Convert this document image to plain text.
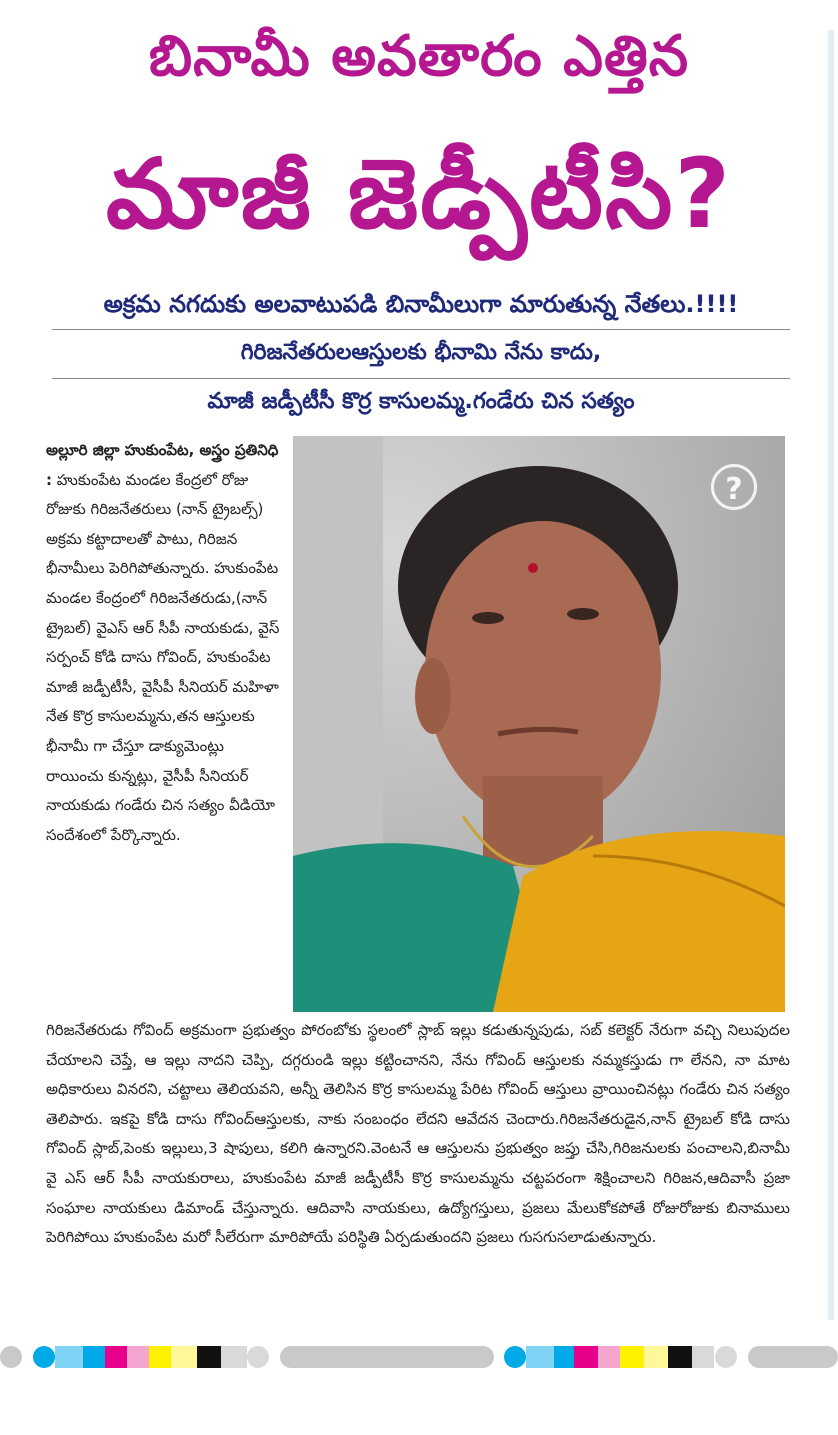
బినామీ అవతారం ఎత్తిన
మాజీ జెడ్పీటీసి?
అక్రమ నగదుకు అలవాటుపడి బినామీలుగా మారుతున్న నేతలు.!!!!
గిరిజనేతరులఆస్తులకు భీనామి నేను కాదు,
మాజీ జడ్పీటీసీ కొర్ర కాసులమ్మ.గండేరు చిన సత్యం
అల్లూరి జిల్లా హుకుంపేట, అస్త్రం ప్రతినిధి : హుకుంపేట మండల కేంద్రలో రోజు రోజుకు గిరిజనేతరులు (నాన్ ట్రైబల్స్) అక్రమ కట్టాదాలతో పాటు, గిరిజన భీనామీలు పెరిగిపోతున్నారు. హుకుంపేట మండల కేంద్రంలో గిరిజనేతరుడు,(నాన్ ట్రైబల్) వైఎస్ ఆర్ సీపీ నాయకుడు, వైస్ సర్పంచ్ కోడి దాసు గోవింద్, హుకుంపేట మాజీ జడ్పీటీసీ, వైసీపీ సీనియర్ మహిళా నేత కొర్ర కాసులమ్మను,తన ఆస్తులకు భీనామీ గా చేస్తూ డాక్యుమెంట్లు రాయించు కున్నట్లు, వైసీపీ సీనియర్ నాయకుడు గండేరు చిన సత్యం వీడియో సందేశంలో పేర్కొన్నారు.
?
గిరిజనేతరుడు గోవింద్ అక్రమంగా ప్రభుత్వం పోరంబోకు స్థలంలో స్లాబ్ ఇల్లు కడుతున్నపుడు, సబ్ కలెక్టర్ నేరుగా వచ్చి నిలుపుదల చేయాలని చెప్తే, ఆ ఇల్లు నాదని చెప్పి, దగ్గరుండి ఇల్లు కట్టించానని, నేను గోవింద్ ఆస్తులకు నమ్మకస్తుడు గా లేనని, నా మాట అధికారులు వినరని, చట్టాలు తెలియవని, అన్నీ తెలిసిన కొర్ర కాసులమ్మ పేరిట గోవింద్ ఆస్తులు వ్రాయించినట్లు గండేరు చిన సత్యం తెలిపారు. ఇకపై కోడి దాసు గోవింద్ఆస్తులకు, నాకు సంబంధం లేదని ఆవేదన చెందారు.గిరిజనేతరుడైన,నాన్ ట్రైబల్ కోడి దాసు గోవింద్ స్లాబ్,పెంకు ఇల్లులు,3 షాపులు, కలిగి ఉన్నారని.వెంటనే ఆ ఆస్తులను ప్రభుత్వం జప్తు చేసి,గిరిజనులకు పంచాలని,బినామీ వై ఎస్ ఆర్ సీపీ నాయకురాలు, హుకుంపేట మాజీ జడ్పీటీసీ కొర్ర కాసులమ్మను చట్టపరంగా శిక్షించాలని గిరిజన,ఆదివాసీ ప్రజా సంఘాల నాయకులు డిమాండ్ చేస్తున్నారు. ఆదివాసి నాయకులు, ఉద్యోగస్తులు, ప్రజలు మేలుకోకపోతే రోజురోజుకు బినాములు పెరిగిపోయి హుకుంపేట మరో సీలేరుగా మారిపోయే పరిస్థితి ఏర్పడుతుందని ప్రజలు గుసగుసలాడుతున్నారు.
